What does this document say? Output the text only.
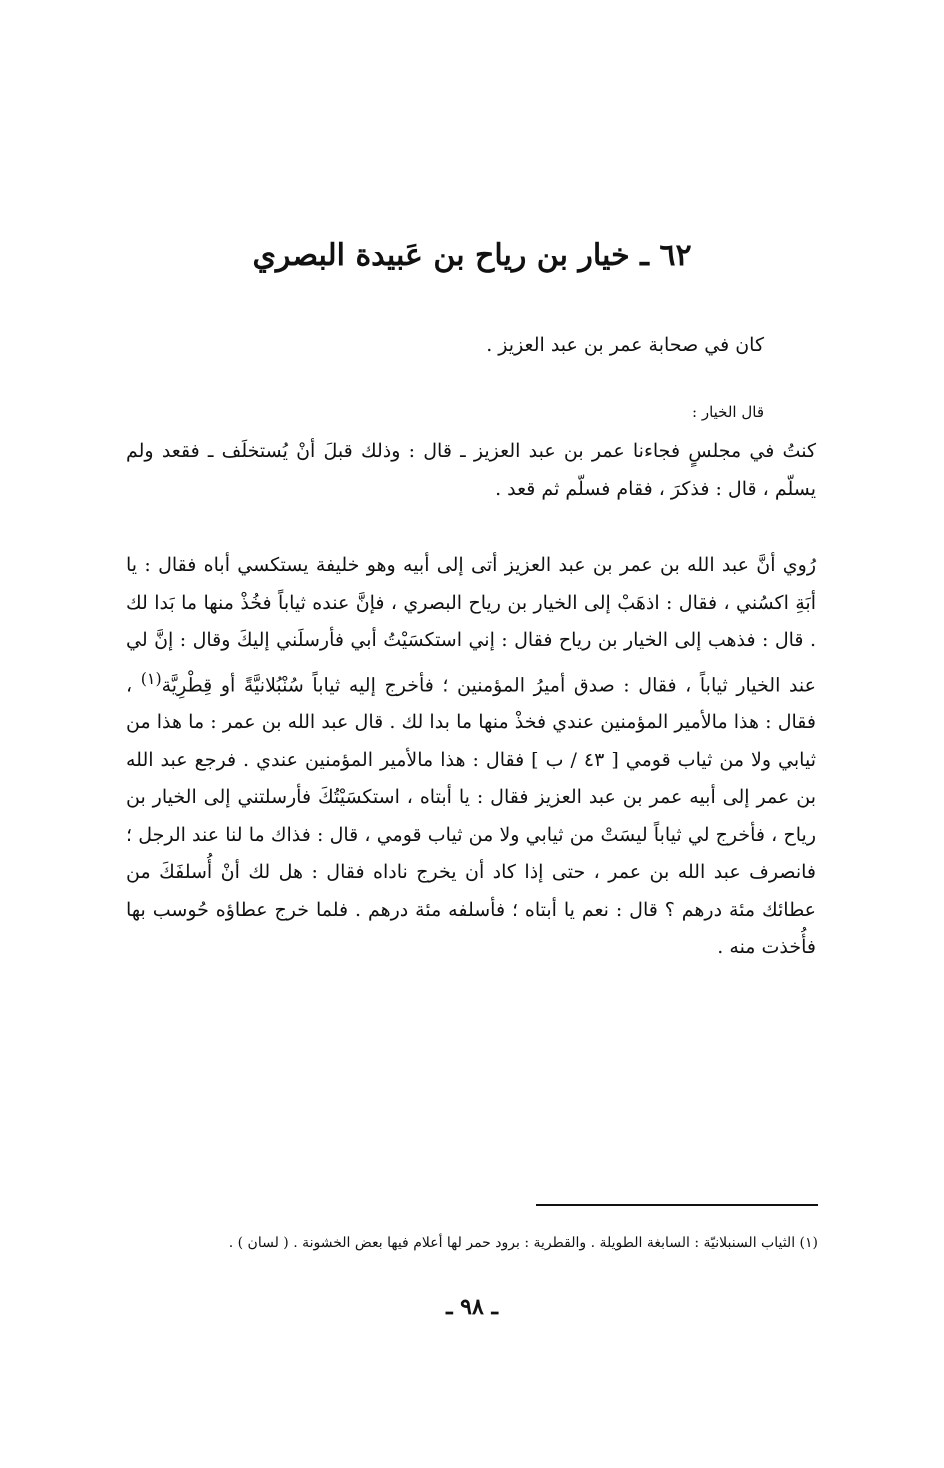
٦٢ ـ خيار بن رياح بن عَبيدة البصري

كان في صحابة عمر بن عبد العزيز .

قال الخيار :

كنتُ في مجلسٍ فجاءنا عمر بن عبد العزيز ـ قال : وذلك قبلَ أنْ يُستخلَف ـ فقعد ولم يسلّم ، قال : فذكرَ ، فقام فسلّم ثم قعد .

رُوي أنَّ عبد الله بن عمر بن عبد العزيز أتى إلى أبيه وهو خليفة يستكسي أباه فقال : يا أبَةِ اكسُني ، فقال : اذهَبْ إلى الخيار بن رياح البصري ، فإنَّ عنده ثياباً فخُذْ منها ما بَدا لك . قال : فذهب إلى الخيار بن رياح فقال : إني استكسَيْتُ أبي فأرسلَني إليكَ وقال : إنَّ لي عند الخيار ثياباً ، فقال : صدق أميرُ المؤمنين ؛ فأخرج إليه ثياباً سُنْبُلانيَّةً أو قِطْرِيَّة$^{(١)}$ ، فقال : هذا مالأمير المؤمنين عندي فخذْ منها ما بدا لك . قال عبد الله بن عمر : ما هذا من ثيابي ولا من ثياب قومي [ ٤٣ / ب ] فقال : هذا مالأمير المؤمنين عندي . فرجع عبد الله بن عمر إلى أبيه عمر بن عبد العزيز فقال : يا أبتاه ، استكسَيْتُكَ فأرسلتني إلى الخيار بن رياح ، فأخرج لي ثياباً ليسَتْ من ثيابي ولا من ثياب قومي ، قال : فذاك ما لنا عند الرجل ؛ فانصرف عبد الله بن عمر ، حتى إذا كاد أن يخرج ناداه فقال : هل لك أنْ أُسلفَكَ من عطائك مئة درهم ؟ قال : نعم يا أبتاه ؛ فأسلفه مئة درهم . فلما خرج عطاؤه حُوسب بها فأُخذت منه .

(١) الثياب السنبلانيّة : السابغة الطويلة . والقطرية : برود حمر لها أعلام فيها بعض الخشونة . ( لسان ) .

ـ ٩٨ ـ
